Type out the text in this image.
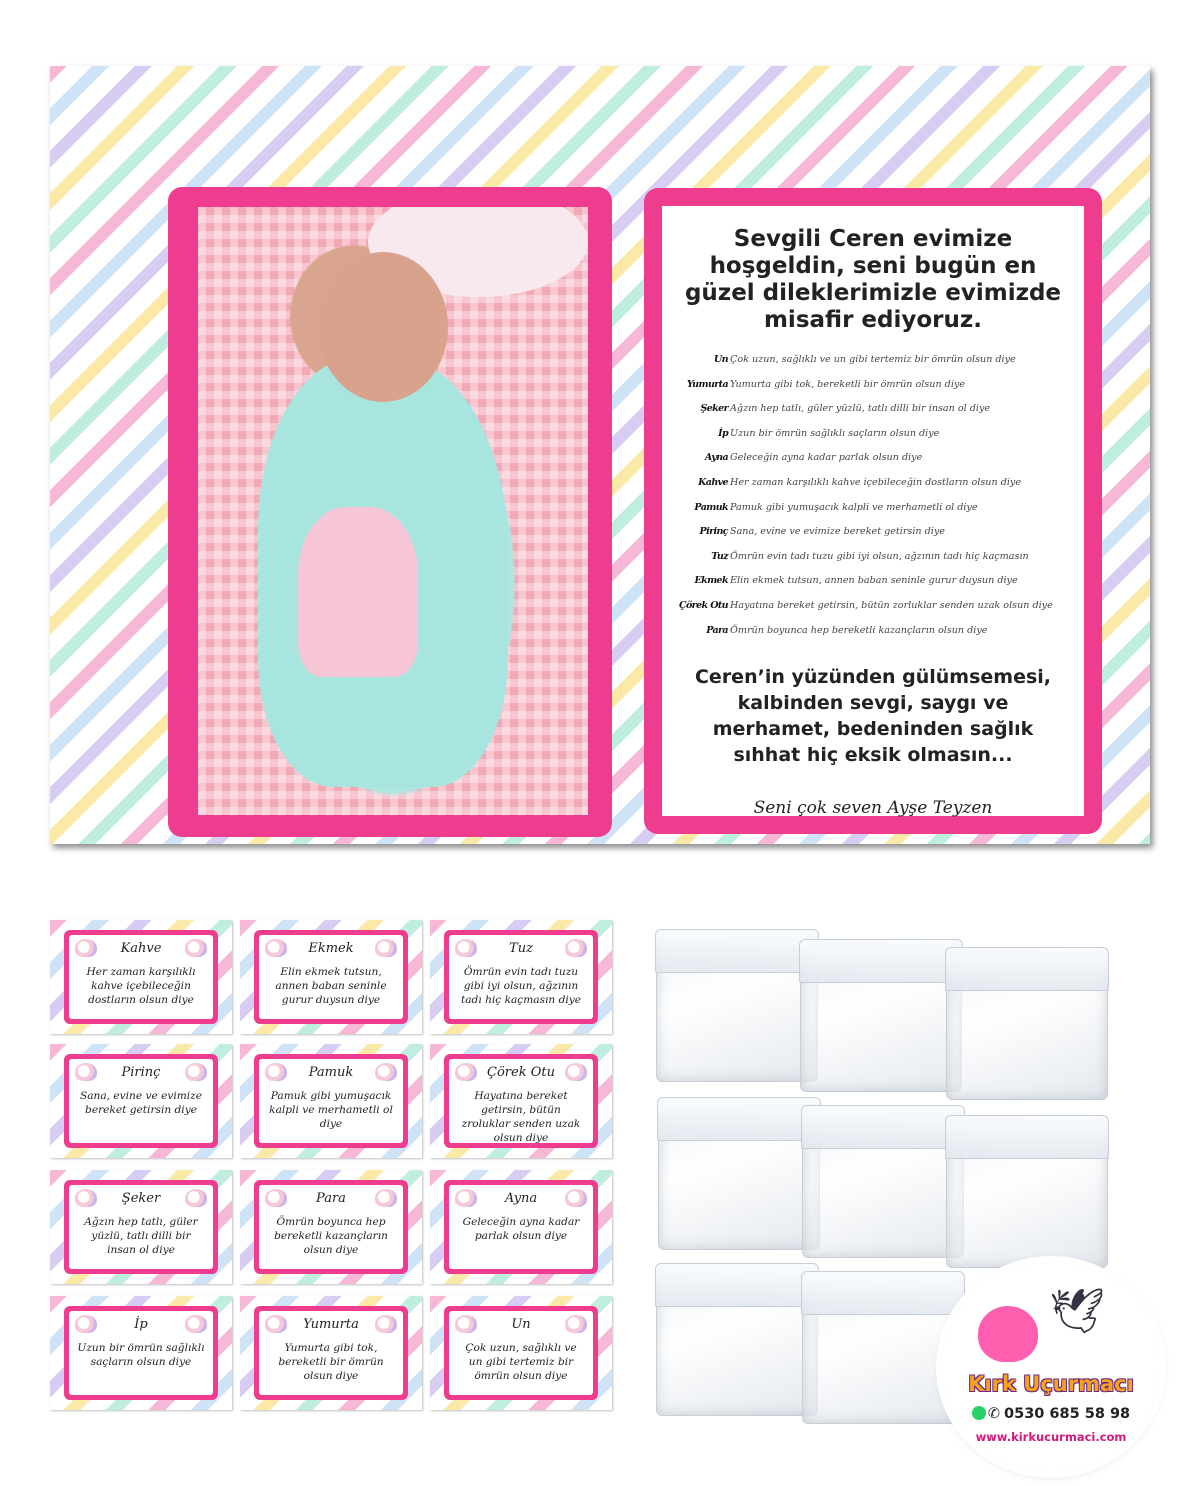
Sevgili Ceren evimize hoşgeldin, seni bugün en güzel dileklerimizle evimizde misafir ediyoruz.
Un Çok uzun, sağlıklı ve un gibi tertemiz bir ömrün olsun diye
Yumurta Yumurta gibi tok, bereketli bir ömrün olsun diye
Şeker Ağzın hep tatlı, güler yüzlü, tatlı dilli bir insan ol diye
İp Uzun bir ömrün sağlıklı saçların olsun diye
Ayna Geleceğin ayna kadar parlak olsun diye
Kahve Her zaman karşılıklı kahve içebileceğin dostların olsun diye
Pamuk Pamuk gibi yumuşacık kalpli ve merhametli ol diye
Pirinç Sana, evine ve evimize bereket getirsin diye
Tuz Ömrün evin tadı tuzu gibi iyi olsun, ağzının tadı hiç kaçmasın
Ekmek Elin ekmek tutsun, annen baban seninle gurur duysun diye
Çörek Otu Hayatına bereket getirsin, bütün zorluklar senden uzak olsun diye
Para Ömrün boyunca hep bereketli kazançların olsun diye
Ceren’in yüzünden gülümsemesi, kalbinden sevgi, saygı ve merhamet, bedeninden sağlık sıhhat hiç eksik olmasın...
Seni çok seven Ayşe Teyzen
Kahve
Her zaman karşılıklı kahve içebileceğin dostların olsun diye
Ekmek
Elin ekmek tutsun, annen baban seninle gurur duysun diye
Tuz
Ömrün evin tadı tuzu gibi iyi olsun, ağzının tadı hiç kaçmasın diye
Pirinç
Sana, evine ve evimize bereket getirsin diye
Pamuk
Pamuk gibi yumuşacık kalpli ve merhametli ol diye
Çörek Otu
Hayatına bereket getirsin, bütün zroluklar senden uzak olsun diye
Şeker
Ağzın hep tatlı, güler yüzlü, tatlı dilli bir insan ol diye
Para
Ömrün boyunca hep bereketli kazançların olsun diye
Ayna
Geleceğin ayna kadar parlak olsun diye
İp
Uzun bir ömrün sağlıklı saçların olsun diye
Yumurta
Yumurta gibi tok, bereketli bir ömrün olsun diye
Un
Çok uzun, sağlıklı ve un gibi tertemiz bir ömrün olsun diye
🕊
Kırk Uçurmacı
✆ 0530 685 58 98
www.kirkucurmaci.com
